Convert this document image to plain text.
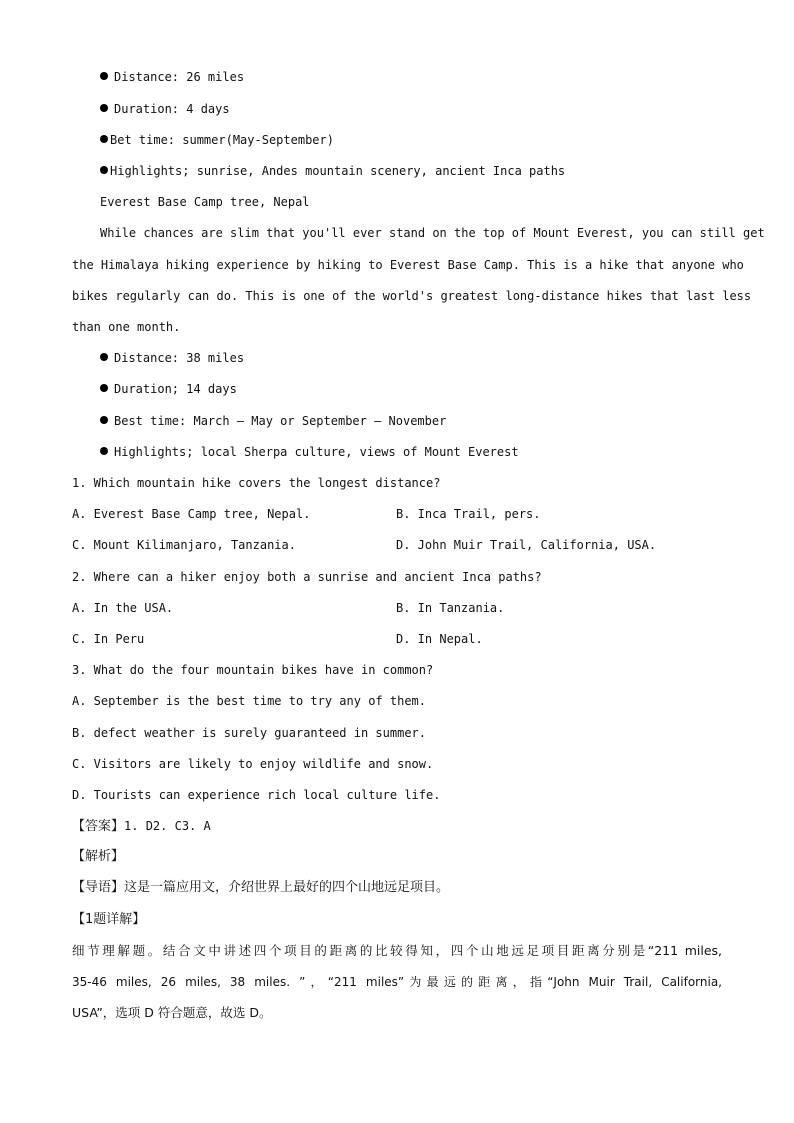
Distance: 26 miles
Duration: 4 days
Bet time: summer(May-September)
Highlights; sunrise, Andes mountain scenery, ancient Inca paths
Everest Base Camp tree, Nepal
While chances are slim that you'll ever stand on the top of Mount Everest, you can still get
the Himalaya hiking experience by hiking to Everest Base Camp. This is a hike that anyone who
bikes regularly can do. This is one of the world's greatest long-distance hikes that last less
than one month.
Distance: 38 miles
Duration; 14 days
Best time: March – May or September – November
Highlights; local Sherpa culture, views of Mount Everest
1. Which mountain hike covers the longest distance?
A. Everest Base Camp tree, Nepal.	B. Inca Trail, pers.
C. Mount Kilimanjaro, Tanzania.	D. John Muir Trail, California, USA.
2. Where can a hiker enjoy both a sunrise and ancient Inca paths?
A. In the USA.	B. In Tanzania.
C. In Peru	D. In Nepal.
3. What do the four mountain bikes have in common?
A. September is the best time to try any of them.
B. defect weather is surely guaranteed in summer.
C. Visitors are likely to enjoy wildlife and snow.
D. Tourists can experience rich local culture life.
【答案】1. D2. C3. A
【解析】
【导语】这是一篇应用文，介绍世界上最好的四个山地远足项目。
【1题详解】
细节理解题。结合文中讲述四个项目的距离的比较得知，四个山地远足项目距离分别是“211 miles,
35-46 miles, 26 miles, 38 miles. ”，“211 miles”为最远的距离，指“John Muir Trail, California,
USA”，选项 D 符合题意，故选 D。
